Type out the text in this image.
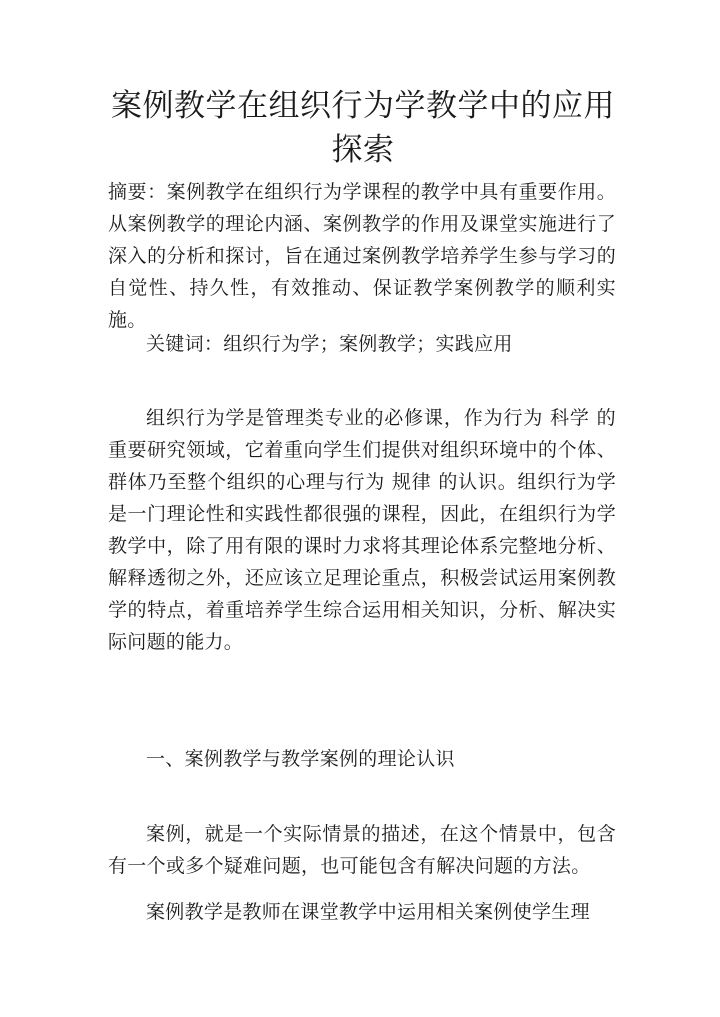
案例教学在组织行为学教学中的应用探索

摘要：案例教学在组织行为学课程的教学中具有重要作用。从案例教学的理论内涵、案例教学的作用及课堂实施进行了深入的分析和探讨，旨在通过案例教学培养学生参与学习的自觉性、持久性，有效推动、保证教学案例教学的顺利实施。

关键词：组织行为学；案例教学；实践应用

组织行为学是管理类专业的必修课，作为行为 科学 的重要研究领域，它着重向学生们提供对组织环境中的个体、群体乃至整个组织的心理与行为 规律 的认识。组织行为学是一门理论性和实践性都很强的课程，因此，在组织行为学教学中，除了用有限的课时力求将其理论体系完整地分析、解释透彻之外，还应该立足理论重点，积极尝试运用案例教学的特点，着重培养学生综合运用相关知识，分析、解决实际问题的能力。

一、案例教学与教学案例的理论认识

案例，就是一个实际情景的描述，在这个情景中，包含有一个或多个疑难问题，也可能包含有解决问题的方法。

案例教学是教师在课堂教学中运用相关案例使学生理
